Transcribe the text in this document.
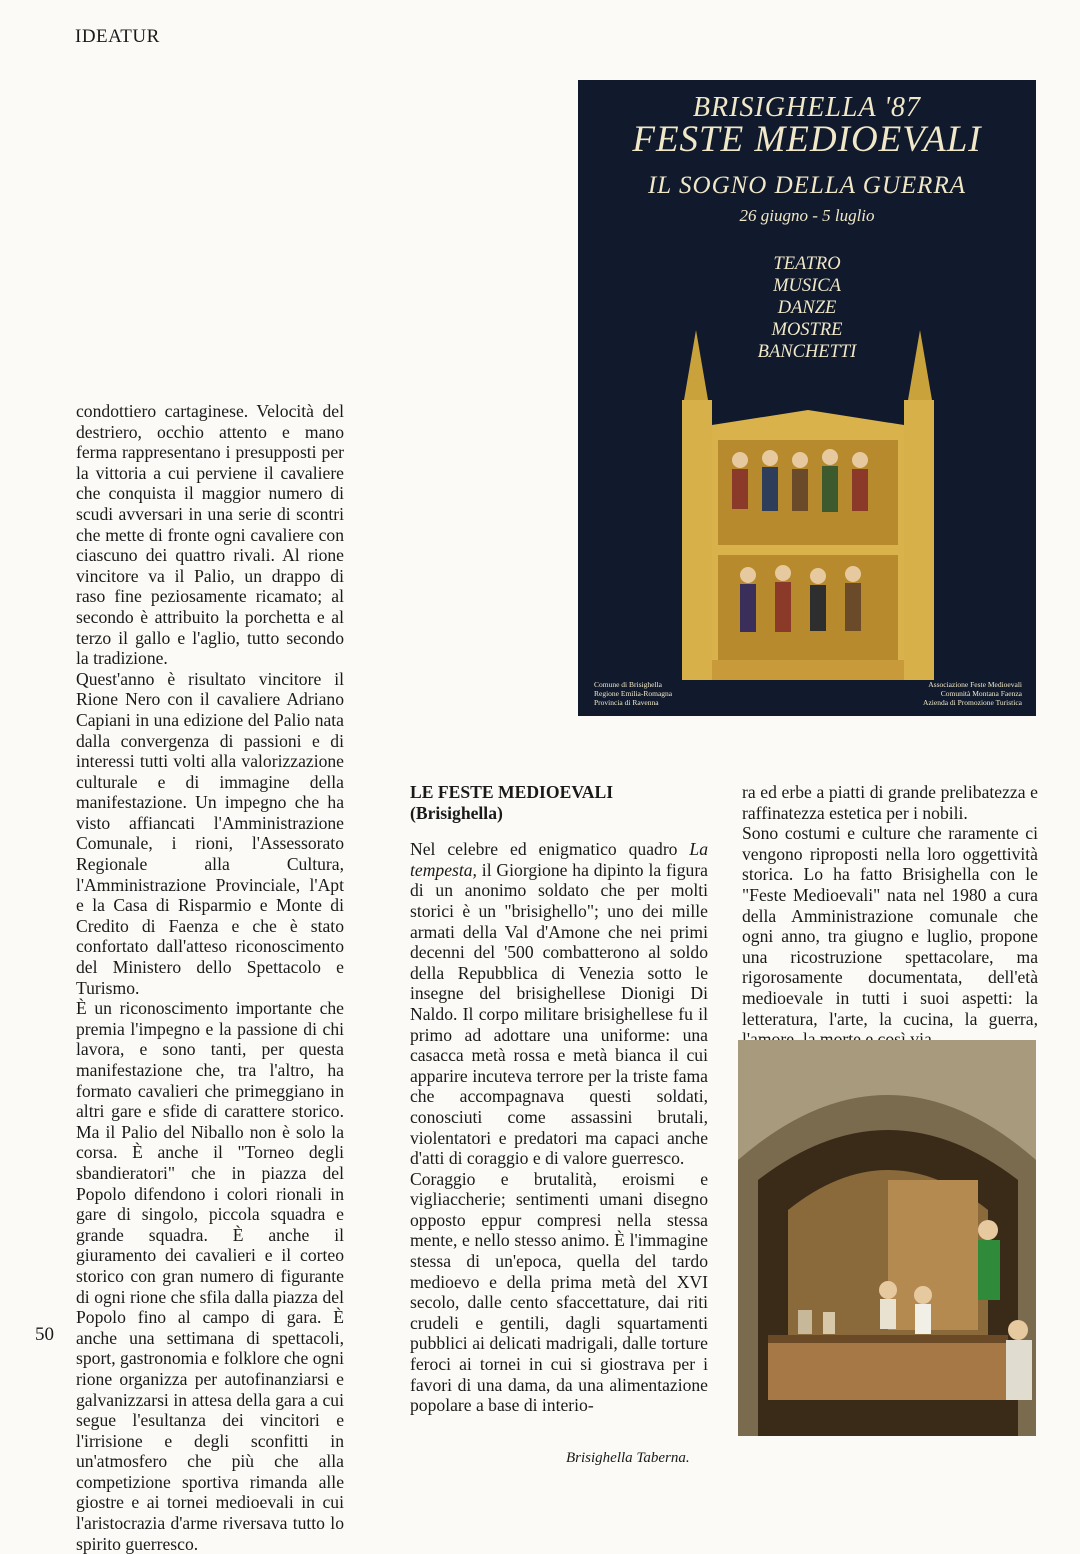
IDEATUR
50
BRISIGHELLA '87
FESTE MEDIOEVALI
IL SOGNO DELLA GUERRA
26 giugno - 5 luglio
TEATRO
MUSICA
DANZE
MOSTRE
BANCHETTI
Comune di Brisighella
Regione Emilia-Romagna
Provincia di Ravenna
Associazione Feste Medioevali
Comunità Montana Faenza
Azienda di Promozione Turistica

condottiero cartaginese. Velocità del destriero, occhio attento e mano ferma rappresentano i presupposti per la vittoria a cui perviene il cavaliere che conquista il maggior numero di scudi avversari in una serie di scontri che mette di fronte ogni cavaliere con ciascuno dei quattro rivali. Al rione vincitore va il Palio, un drappo di raso fine peziosamente ricamato; al secondo è attribuito la porchetta e al terzo il gallo e l'aglio, tutto secondo la tradizione.

Quest'anno è risultato vincitore il Rione Nero con il cavaliere Adriano Capiani in una edizione del Palio nata dalla convergenza di passioni e di interessi tutti volti alla valorizzazione culturale e di immagine della manifestazione. Un impegno che ha visto affiancati l'Amministrazione Comunale, i rioni, l'Assessorato Regionale alla Cultura, l'Amministrazione Provinciale, l'Apt e la Casa di Risparmio e Monte di Credito di Faenza e che è stato confortato dall'atteso riconoscimento del Ministero dello Spettacolo e Turismo.

È un riconoscimento importante che premia l'impegno e la passione di chi lavora, e sono tanti, per questa manifestazione che, tra l'altro, ha formato cavalieri che primeggiano in altri gare e sfide di carattere storico. Ma il Palio del Niballo non è solo la corsa. È anche il "Torneo degli sbandieratori" che in piazza del Popolo difendono i colori rionali in gare di singolo, piccola squadra e grande squadra. È anche il giuramento dei cavalieri e il corteo storico con gran numero di figurante di ogni rione che sfila dalla piazza del Popolo fino al campo di gara. È anche una settimana di spettacoli, sport, gastronomia e folklore che ogni rione organizza per autofinanziarsi e galvanizzarsi in attesa della gara a cui segue l'esultanza dei vincitori e l'irrisione e degli sconfitti in un'atmosfero che più che alla competizione sportiva rimanda alle giostre e ai tornei medioevali in cui l'aristocrazia d'arme riversava tutto lo spirito guerresco.

LE FESTE MEDIOEVALI
(Brisighella)

Nel celebre ed enigmatico quadro La tempesta, il Giorgione ha dipinto la figura di un anonimo soldato che per molti storici è un "brisighello"; uno dei mille armati della Val d'Amone che nei primi decenni del '500 combatterono al soldo della Repubblica di Venezia sotto le insegne del brisighellese Dionigi Di Naldo. Il corpo militare brisighellese fu il primo ad adottare una uniforme: una casacca metà rossa e metà bianca il cui apparire incuteva terrore per la triste fama che accompagnava questi soldati, conosciuti come assassini brutali, violentatori e predatori ma capaci anche d'atti di coraggio e di valore guerresco.

Coraggio e brutalità, eroismi e vigliaccherie; sentimenti umani disegno opposto eppur compresi nella stessa mente, e nello stesso animo. È l'immagine stessa di un'epoca, quella del tardo medioevo e della prima metà del XVI secolo, dalle cento sfaccettature, dai riti crudeli e gentili, dagli squartamenti pubblici ai delicati madrigali, dalle torture feroci ai tornei in cui si giostrava per i favori di una dama, da una alimentazione popolare a base di interio-

ra ed erbe a piatti di grande prelibatezza e raffinatezza estetica per i nobili.

Sono costumi e culture che raramente ci vengono riproposti nella loro oggettività storica. Lo ha fatto Brisighella con le "Feste Medioevali" nata nel 1980 a cura della Amministrazione comunale che ogni anno, tra giugno e luglio, propone una ricostruzione spettacolare, ma rigorosamente documentata, dell'età medioevale in tutti i suoi aspetti: la letteratura, l'arte, la cucina, la guerra,

Brisighella Taberna.
